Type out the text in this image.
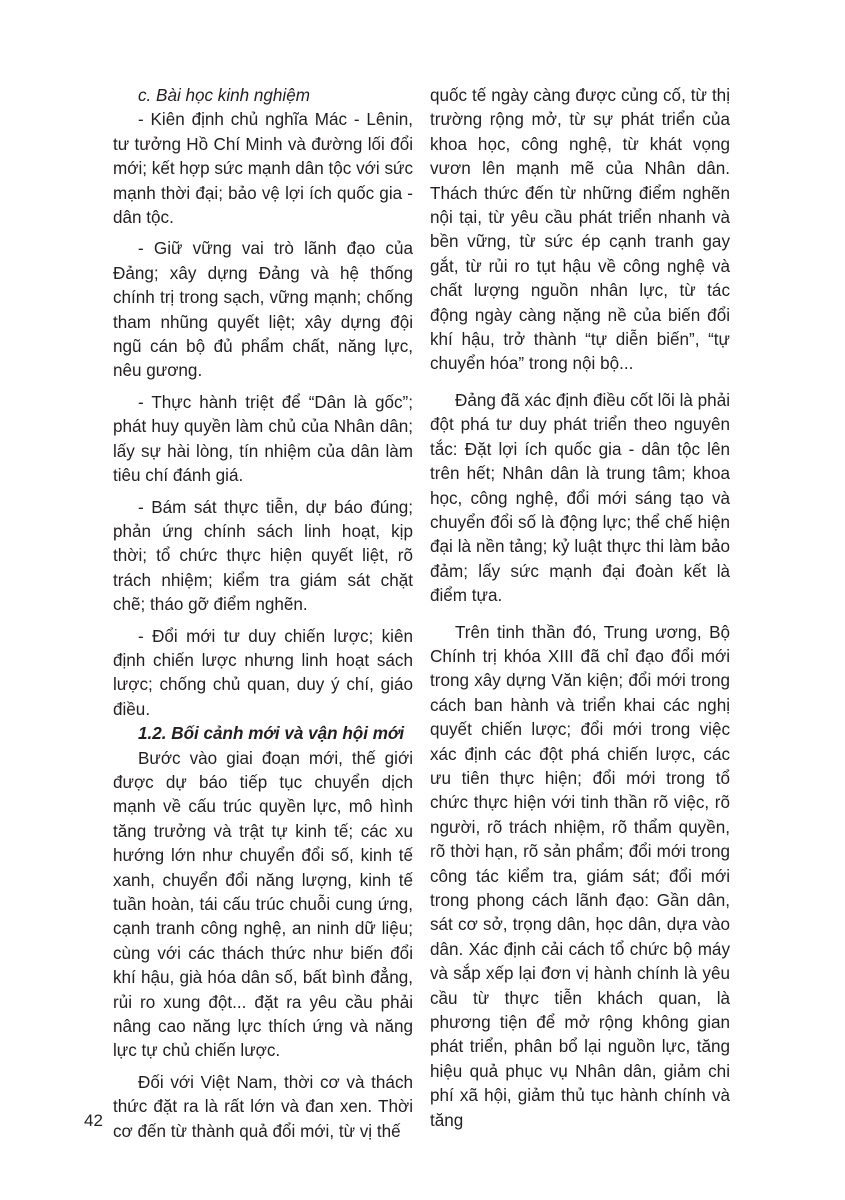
c. Bài học kinh nghiệm

- Kiên định chủ nghĩa Mác - Lênin, tư tưởng Hồ Chí Minh và đường lối đổi mới; kết hợp sức mạnh dân tộc với sức mạnh thời đại; bảo vệ lợi ích quốc gia - dân tộc.

- Giữ vững vai trò lãnh đạo của Đảng; xây dựng Đảng và hệ thống chính trị trong sạch, vững mạnh; chống tham nhũng quyết liệt; xây dựng đội ngũ cán bộ đủ phẩm chất, năng lực, nêu gương.

- Thực hành triệt để “Dân là gốc”; phát huy quyền làm chủ của Nhân dân; lấy sự hài lòng, tín nhiệm của dân làm tiêu chí đánh giá.

- Bám sát thực tiễn, dự báo đúng; phản ứng chính sách linh hoạt, kịp thời; tổ chức thực hiện quyết liệt, rõ trách nhiệm; kiểm tra giám sát chặt chẽ; tháo gỡ điểm nghẽn.

- Đổi mới tư duy chiến lược; kiên định chiến lược nhưng linh hoạt sách lược; chống chủ quan, duy ý chí, giáo điều.

1.2. Bối cảnh mới và vận hội mới

Bước vào giai đoạn mới, thế giới được dự báo tiếp tục chuyển dịch mạnh về cấu trúc quyền lực, mô hình tăng trưởng và trật tự kinh tế; các xu hướng lớn như chuyển đổi số, kinh tế xanh, chuyển đổi năng lượng, kinh tế tuần hoàn, tái cấu trúc chuỗi cung ứng, cạnh tranh công nghệ, an ninh dữ liệu; cùng với các thách thức như biến đổi khí hậu, già hóa dân số, bất bình đẳng, rủi ro xung đột... đặt ra yêu cầu phải nâng cao năng lực thích ứng và năng lực tự chủ chiến lược.

Đối với Việt Nam, thời cơ và thách thức đặt ra là rất lớn và đan xen. Thời cơ đến từ thành quả đổi mới, từ vị thế

quốc tế ngày càng được củng cố, từ thị trường rộng mở, từ sự phát triển của khoa học, công nghệ, từ khát vọng vươn lên mạnh mẽ của Nhân dân. Thách thức đến từ những điểm nghẽn nội tại, từ yêu cầu phát triển nhanh và bền vững, từ sức ép cạnh tranh gay gắt, từ rủi ro tụt hậu về công nghệ và chất lượng nguồn nhân lực, từ tác động ngày càng nặng nề của biến đổi khí hậu, trở thành “tự diễn biến”, “tự chuyển hóa” trong nội bộ...

Đảng đã xác định điều cốt lõi là phải đột phá tư duy phát triển theo nguyên tắc: Đặt lợi ích quốc gia - dân tộc lên trên hết; Nhân dân là trung tâm; khoa học, công nghệ, đổi mới sáng tạo và chuyển đổi số là động lực; thể chế hiện đại là nền tảng; kỷ luật thực thi làm bảo đảm; lấy sức mạnh đại đoàn kết là điểm tựa.

Trên tinh thần đó, Trung ương, Bộ Chính trị khóa XIII đã chỉ đạo đổi mới trong xây dựng Văn kiện; đổi mới trong cách ban hành và triển khai các nghị quyết chiến lược; đổi mới trong việc xác định các đột phá chiến lược, các ưu tiên thực hiện; đổi mới trong tổ chức thực hiện với tinh thần rõ việc, rõ người, rõ trách nhiệm, rõ thẩm quyền, rõ thời hạn, rõ sản phẩm; đổi mới trong công tác kiểm tra, giám sát; đổi mới trong phong cách lãnh đạo: Gần dân, sát cơ sở, trọng dân, học dân, dựa vào dân. Xác định cải cách tổ chức bộ máy và sắp xếp lại đơn vị hành chính là yêu cầu từ thực tiễn khách quan, là phương tiện để mở rộng không gian phát triển, phân bổ lại nguồn lực, tăng hiệu quả phục vụ Nhân dân, giảm chi phí xã hội, giảm thủ tục hành chính và tăng

42
